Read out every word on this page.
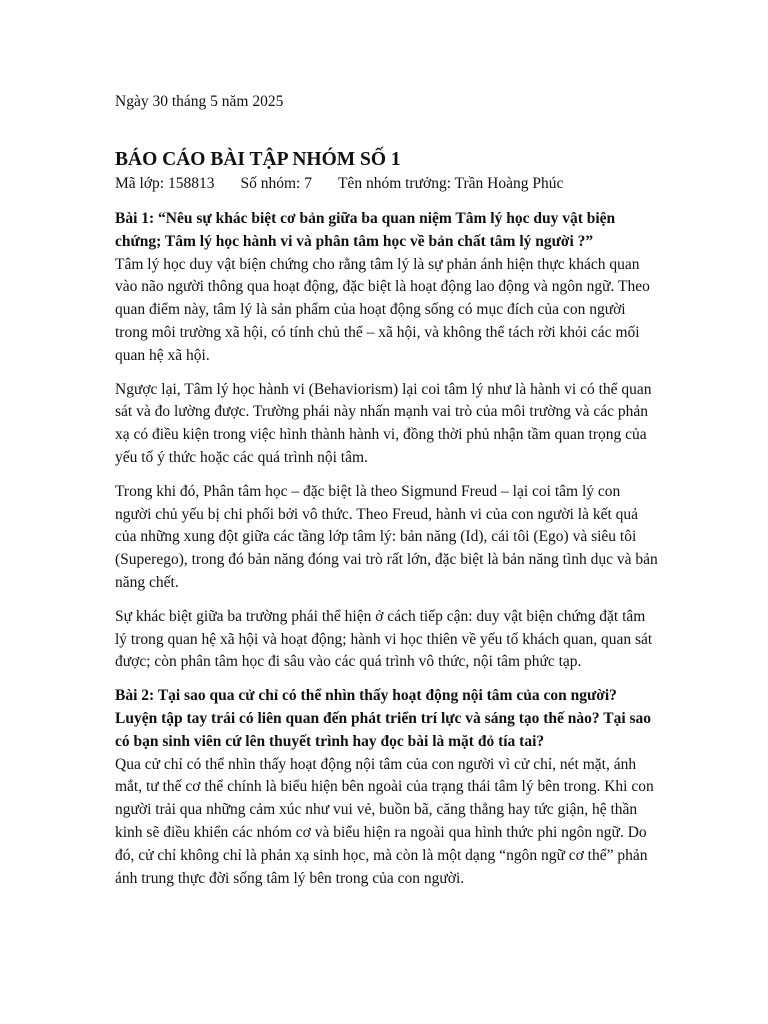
Ngày 30 tháng 5 năm 2025
BÁO CÁO BÀI TẬP NHÓM SỐ 1
Mã lớp: 158813 Số nhóm: 7 Tên nhóm trưởng: Trần Hoàng Phúc

Bài 1: “Nêu sự khác biệt cơ bản giữa ba quan niệm Tâm lý học duy vật biện chứng; Tâm lý học hành vi và phân tâm học về bản chất tâm lý người ?”

Tâm lý học duy vật biện chứng cho rằng tâm lý là sự phản ánh hiện thực khách quan vào não người thông qua hoạt động, đặc biệt là hoạt động lao động và ngôn ngữ. Theo quan điểm này, tâm lý là sản phẩm của hoạt động sống có mục đích của con người trong môi trường xã hội, có tính chủ thể – xã hội, và không thể tách rời khỏi các mối quan hệ xã hội.

Ngược lại, Tâm lý học hành vi (Behaviorism) lại coi tâm lý như là hành vi có thể quan sát và đo lường được. Trường phái này nhấn mạnh vai trò của môi trường và các phản xạ có điều kiện trong việc hình thành hành vi, đồng thời phủ nhận tầm quan trọng của yếu tố ý thức hoặc các quá trình nội tâm.

Trong khi đó, Phân tâm học – đặc biệt là theo Sigmund Freud – lại coi tâm lý con người chủ yếu bị chi phối bởi vô thức. Theo Freud, hành vi của con người là kết quả của những xung đột giữa các tầng lớp tâm lý: bản năng (Id), cái tôi (Ego) và siêu tôi (Superego), trong đó bản năng đóng vai trò rất lớn, đặc biệt là bản năng tình dục và bản năng chết.

Sự khác biệt giữa ba trường phái thể hiện ở cách tiếp cận: duy vật biện chứng đặt tâm lý trong quan hệ xã hội và hoạt động; hành vi học thiên về yếu tố khách quan, quan sát được; còn phân tâm học đi sâu vào các quá trình vô thức, nội tâm phức tạp.

Bài 2: Tại sao qua cử chỉ có thể nhìn thấy hoạt động nội tâm của con người? Luyện tập tay trái có liên quan đến phát triển trí lực và sáng tạo thế nào? Tại sao có bạn sinh viên cứ lên thuyết trình hay đọc bài là mặt đỏ tía tai?

Qua cử chỉ có thể nhìn thấy hoạt động nội tâm của con người vì cử chỉ, nét mặt, ánh mắt, tư thế cơ thể chính là biểu hiện bên ngoài của trạng thái tâm lý bên trong. Khi con người trải qua những cảm xúc như vui vẻ, buồn bã, căng thẳng hay tức giận, hệ thần kinh sẽ điều khiển các nhóm cơ và biểu hiện ra ngoài qua hình thức phi ngôn ngữ. Do đó, cử chỉ không chỉ là phản xạ sinh học, mà còn là một dạng “ngôn ngữ cơ thể” phản ánh trung thực đời sống tâm lý bên trong của con người.
